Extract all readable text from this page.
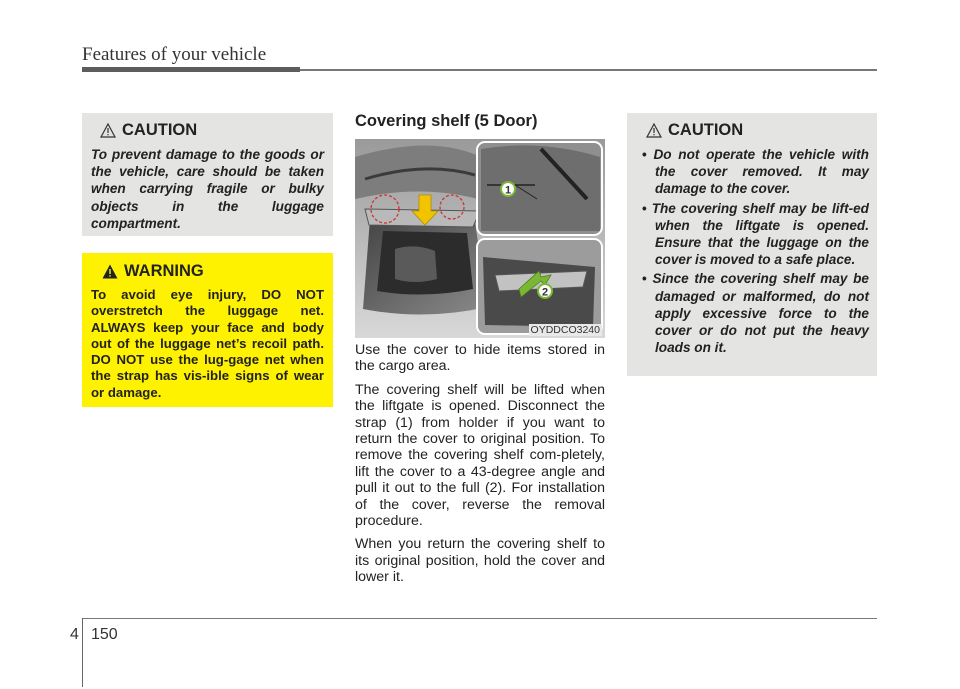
Features of your vehicle
CAUTION
To prevent damage to the goods or the vehicle, care should be taken when carrying fragile or bulky objects in the luggage compartment.
WARNING
To avoid eye injury, DO NOT overstretch the luggage net. ALWAYS keep your face and body out of the luggage net’s recoil path. DO NOT use the lug-gage net when the strap has vis-ible signs of wear or damage.
Covering shelf (5 Door)
1
2
OYDDCO3240

Use the cover to hide items stored in the cargo area.

The covering shelf will be lifted when the liftgate is opened. Disconnect the strap (1) from holder if you want to return the cover to original position. To remove the covering shelf com-pletely, lift the cover to a 43-degree angle and pull it out to the full (2). For installation of the cover, reverse the removal procedure.

When you return the covering shelf to its original position, hold the cover and lower it.

CAUTION
• Do not operate the vehicle with the cover removed. It may damage to the cover.
• The covering shelf may be lift-ed when the liftgate is opened. Ensure that the luggage on the cover is moved to a safe place.
• Since the covering shelf may be damaged or malformed, do not apply excessive force to the cover or do not put the heavy loads on it.
4 150
